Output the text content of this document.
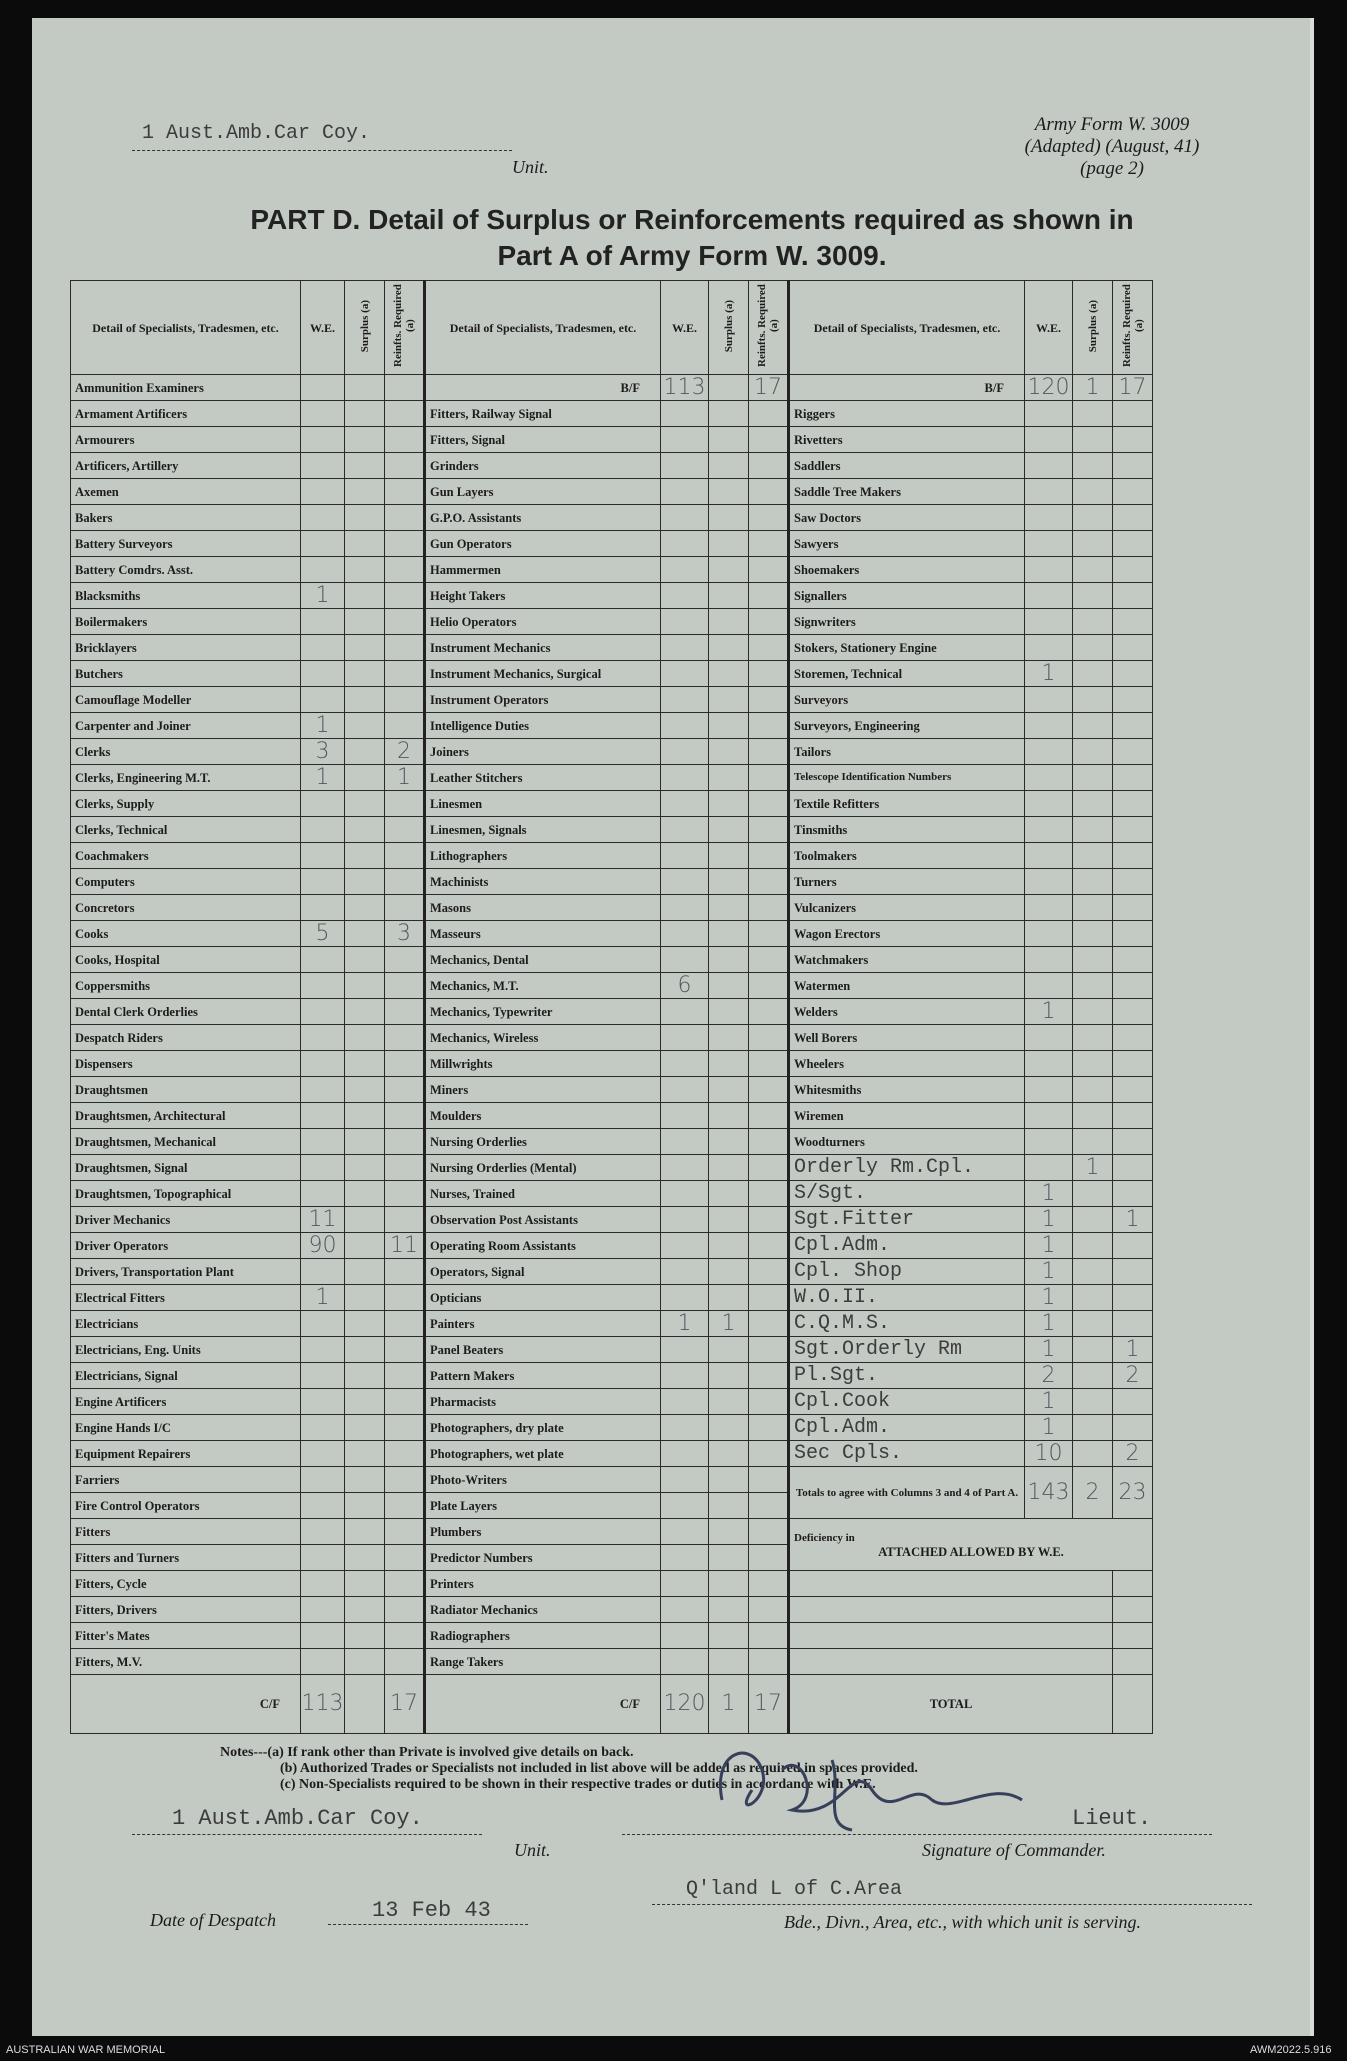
1 Aust.Amb.Car Coy.
Unit.
Army Form W. 3009
(Adapted) (August, 41)
(page 2)
PART D. Detail of Surplus or Reinforcements required as shown in
Part A of Army Form W. 3009.
Detail of Specialists, Tradesmen, etc.	W.E.	Surplus (a)	Reinfts. Required (a)	Detail of Specialists, Tradesmen, etc.	W.E.	Surplus (a)	Reinfts. Required (a)	Detail of Specialists, Tradesmen, etc.	W.E.	Surplus (a)	Reinfts. Required (a)
Ammunition Examiners				B/F	113		17	B/F	120	1	17
Armament Artificers				Fitters, Railway Signal				Riggers			
Armourers				Fitters, Signal				Rivetters			
Artificers, Artillery				Grinders				Saddlers			
Axemen				Gun Layers				Saddle Tree Makers			
Bakers				G.P.O. Assistants				Saw Doctors			
Battery Surveyors				Gun Operators				Sawyers			
Battery Comdrs. Asst.				Hammermen				Shoemakers			
Blacksmiths	1			Height Takers				Signallers			
Boilermakers				Helio Operators				Signwriters			
Bricklayers				Instrument Mechanics				Stokers, Stationery Engine			
Butchers				Instrument Mechanics, Surgical				Storemen, Technical	1		
Camouflage Modeller				Instrument Operators				Surveyors			
Carpenter and Joiner	1			Intelligence Duties				Surveyors, Engineering			
Clerks	3		2	Joiners				Tailors			
Clerks, Engineering M.T.	1		1	Leather Stitchers				Telescope Identification Numbers			
Clerks, Supply				Linesmen				Textile Refitters			
Clerks, Technical				Linesmen, Signals				Tinsmiths			
Coachmakers				Lithographers				Toolmakers			
Computers				Machinists				Turners			
Concretors				Masons				Vulcanizers			
Cooks	5		3	Masseurs				Wagon Erectors			
Cooks, Hospital				Mechanics, Dental				Watchmakers			
Coppersmiths				Mechanics, M.T.	6			Watermen			
Dental Clerk Orderlies				Mechanics, Typewriter				Welders	1		
Despatch Riders				Mechanics, Wireless				Well Borers			
Dispensers				Millwrights				Wheelers			
Draughtsmen				Miners				Whitesmiths			
Draughtsmen, Architectural				Moulders				Wiremen			
Draughtsmen, Mechanical				Nursing Orderlies				Woodturners			
Draughtsmen, Signal				Nursing Orderlies (Mental)				Orderly Rm.Cpl.		1	
Draughtsmen, Topographical				Nurses, Trained				S/Sgt.	1		
Driver Mechanics	11			Observation Post Assistants				Sgt.Fitter	1		1
Driver Operators	90		11	Operating Room Assistants				Cpl.Adm.	1		
Drivers, Transportation Plant				Operators, Signal				Cpl. Shop	1		
Electrical Fitters	1			Opticians				W.O.II.	1		
Electricians				Painters	1	1		C.Q.M.S.	1		
Electricians, Eng. Units				Panel Beaters				Sgt.Orderly Rm	1		1
Electricians, Signal				Pattern Makers				Pl.Sgt.	2		2
Engine Artificers				Pharmacists				Cpl.Cook	1		
Engine Hands I/C				Photographers, dry plate				Cpl.Adm.	1		
Equipment Repairers				Photographers, wet plate				Sec Cpls.	10		2
Farriers				Photo-Writers				Totals to agree with Columns 3 and 4 of Part A.	143	2	23
Fire Control Operators				Plate Layers							
Fitters				Plumbers				Deficiency in
ATTACHED ALLOWED BY W.E.			

Fitters and Turners				Predictor Numbers							
Fitters, Cycle				Printers							
Fitters, Drivers				Radiator Mechanics							
Fitter's Mates				Radiographers							
Fitters, M.V.				Range Takers							
C/F	113		17	C/F	120	1	17	TOTAL			
Notes---(a) If rank other than Private is involved give details on back.
(b) Authorized Trades or Specialists not included in list above will be added as required in spaces provided.
(c) Non-Specialists required to be shown in their respective trades or duties in accordance with W.E.
1 Aust.Amb.Car Coy.
Unit.
Lieut.
Signature of Commander.
Date of Despatch	13 Feb 43
Q'land L of C.Area
Bde., Divn., Area, etc., with which unit is serving.
AUSTRALIAN WAR MEMORIAL	AWM2022.5.916
